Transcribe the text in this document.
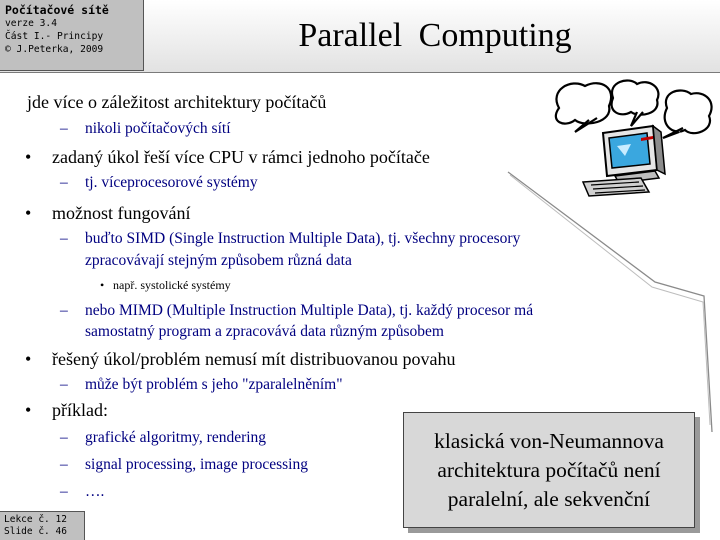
Počítačové sítě
verze 3.4
Část I.- Principy
© J.Peterka, 2009	Parallel Computing
jde více o záležitost architektury počítačů
– nikoli počítačových sítí
• zadaný úkol řeší více CPU v rámci jednoho počítače
– tj. víceprocesorové systémy
• možnost fungování
– buďto SIMD (Single Instruction Multiple Data), tj. všechny procesory
zpracovávají stejným způsobem různá data
• např. systolické systémy
– nebo MIMD (Multiple Instruction Multiple Data), tj. každý procesor má
samostatný program a zpracovává data různým způsobem
• řešený úkol/problém nemusí mít distribuovanou povahu
– může být problém s jeho "zparalelněním"
• příklad:
– grafické algoritmy, rendering
– signal processing, image processing
– ….
klasická von-Neumannova
architektura počítačů není
paralelní, ale sekvenční
Lekce č. 12
Slide č. 46
